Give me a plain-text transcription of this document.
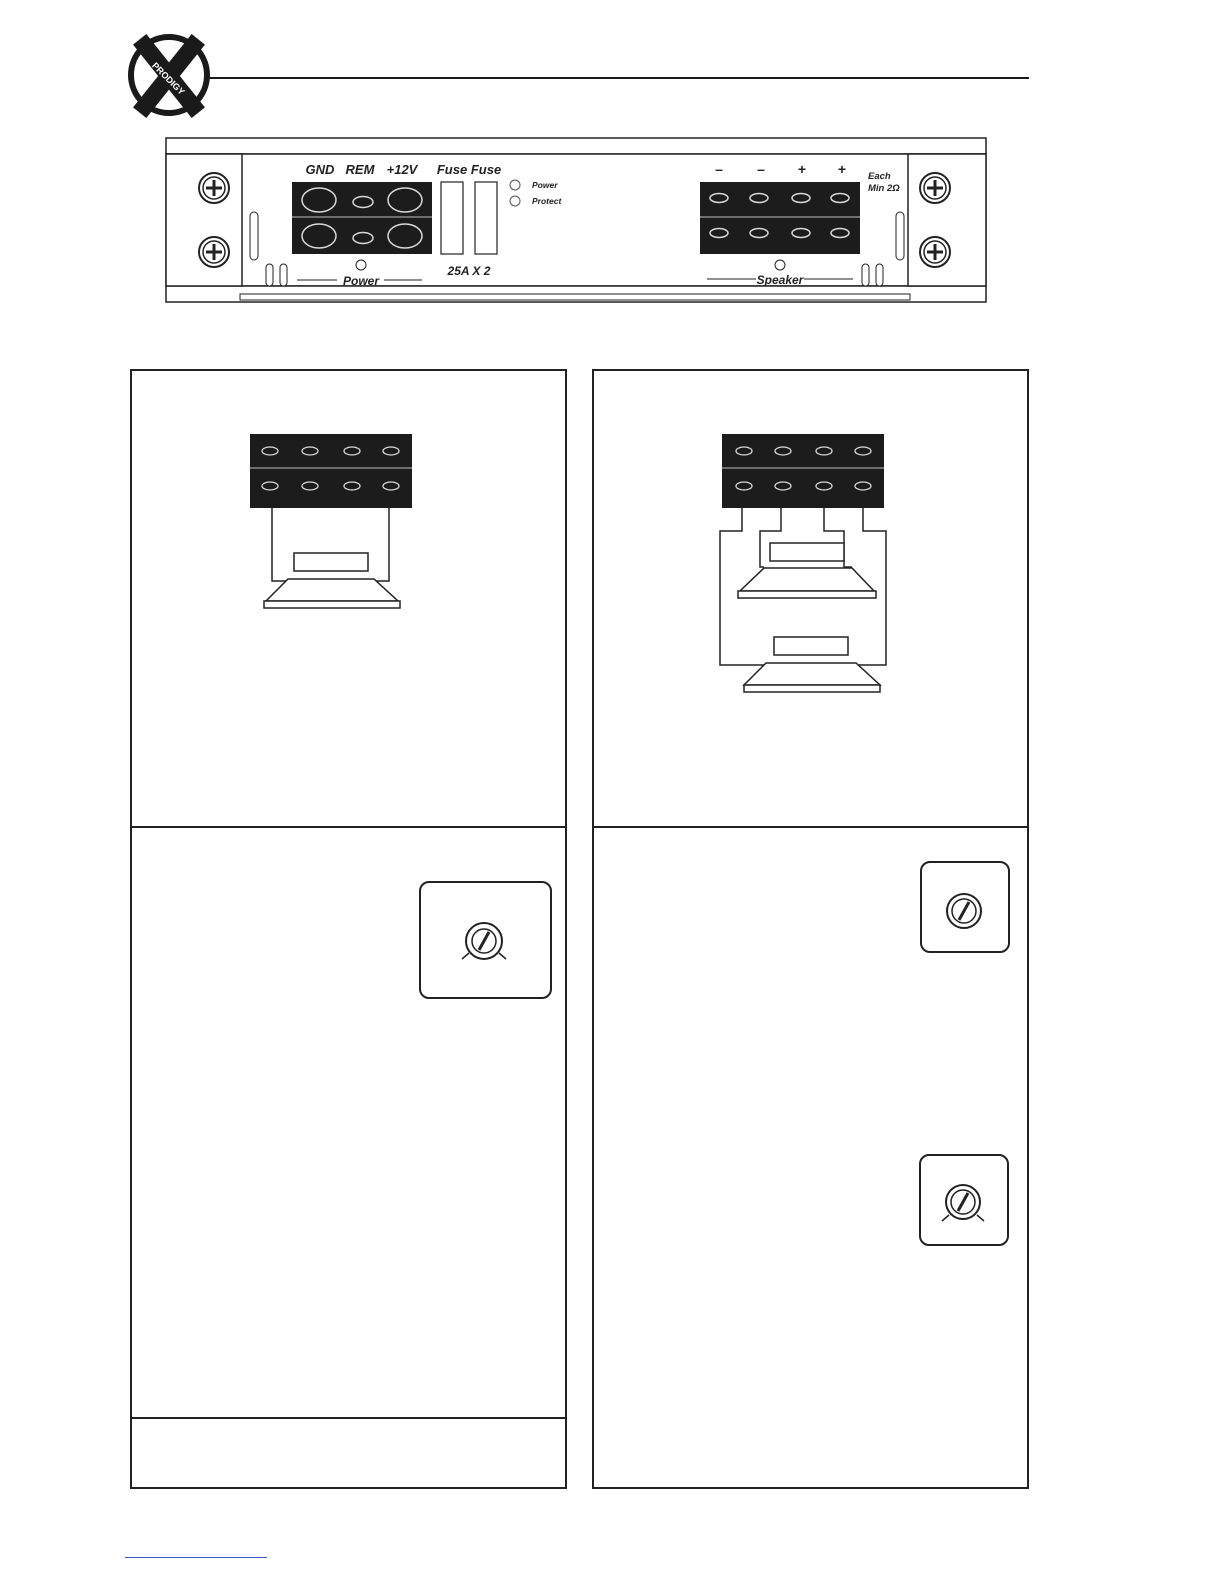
PRODIGY
GND REM +12V
Power
Fuse Fuse
25A X 2
Power
Protect
– – + + Each
Min 2Ω
Speaker
